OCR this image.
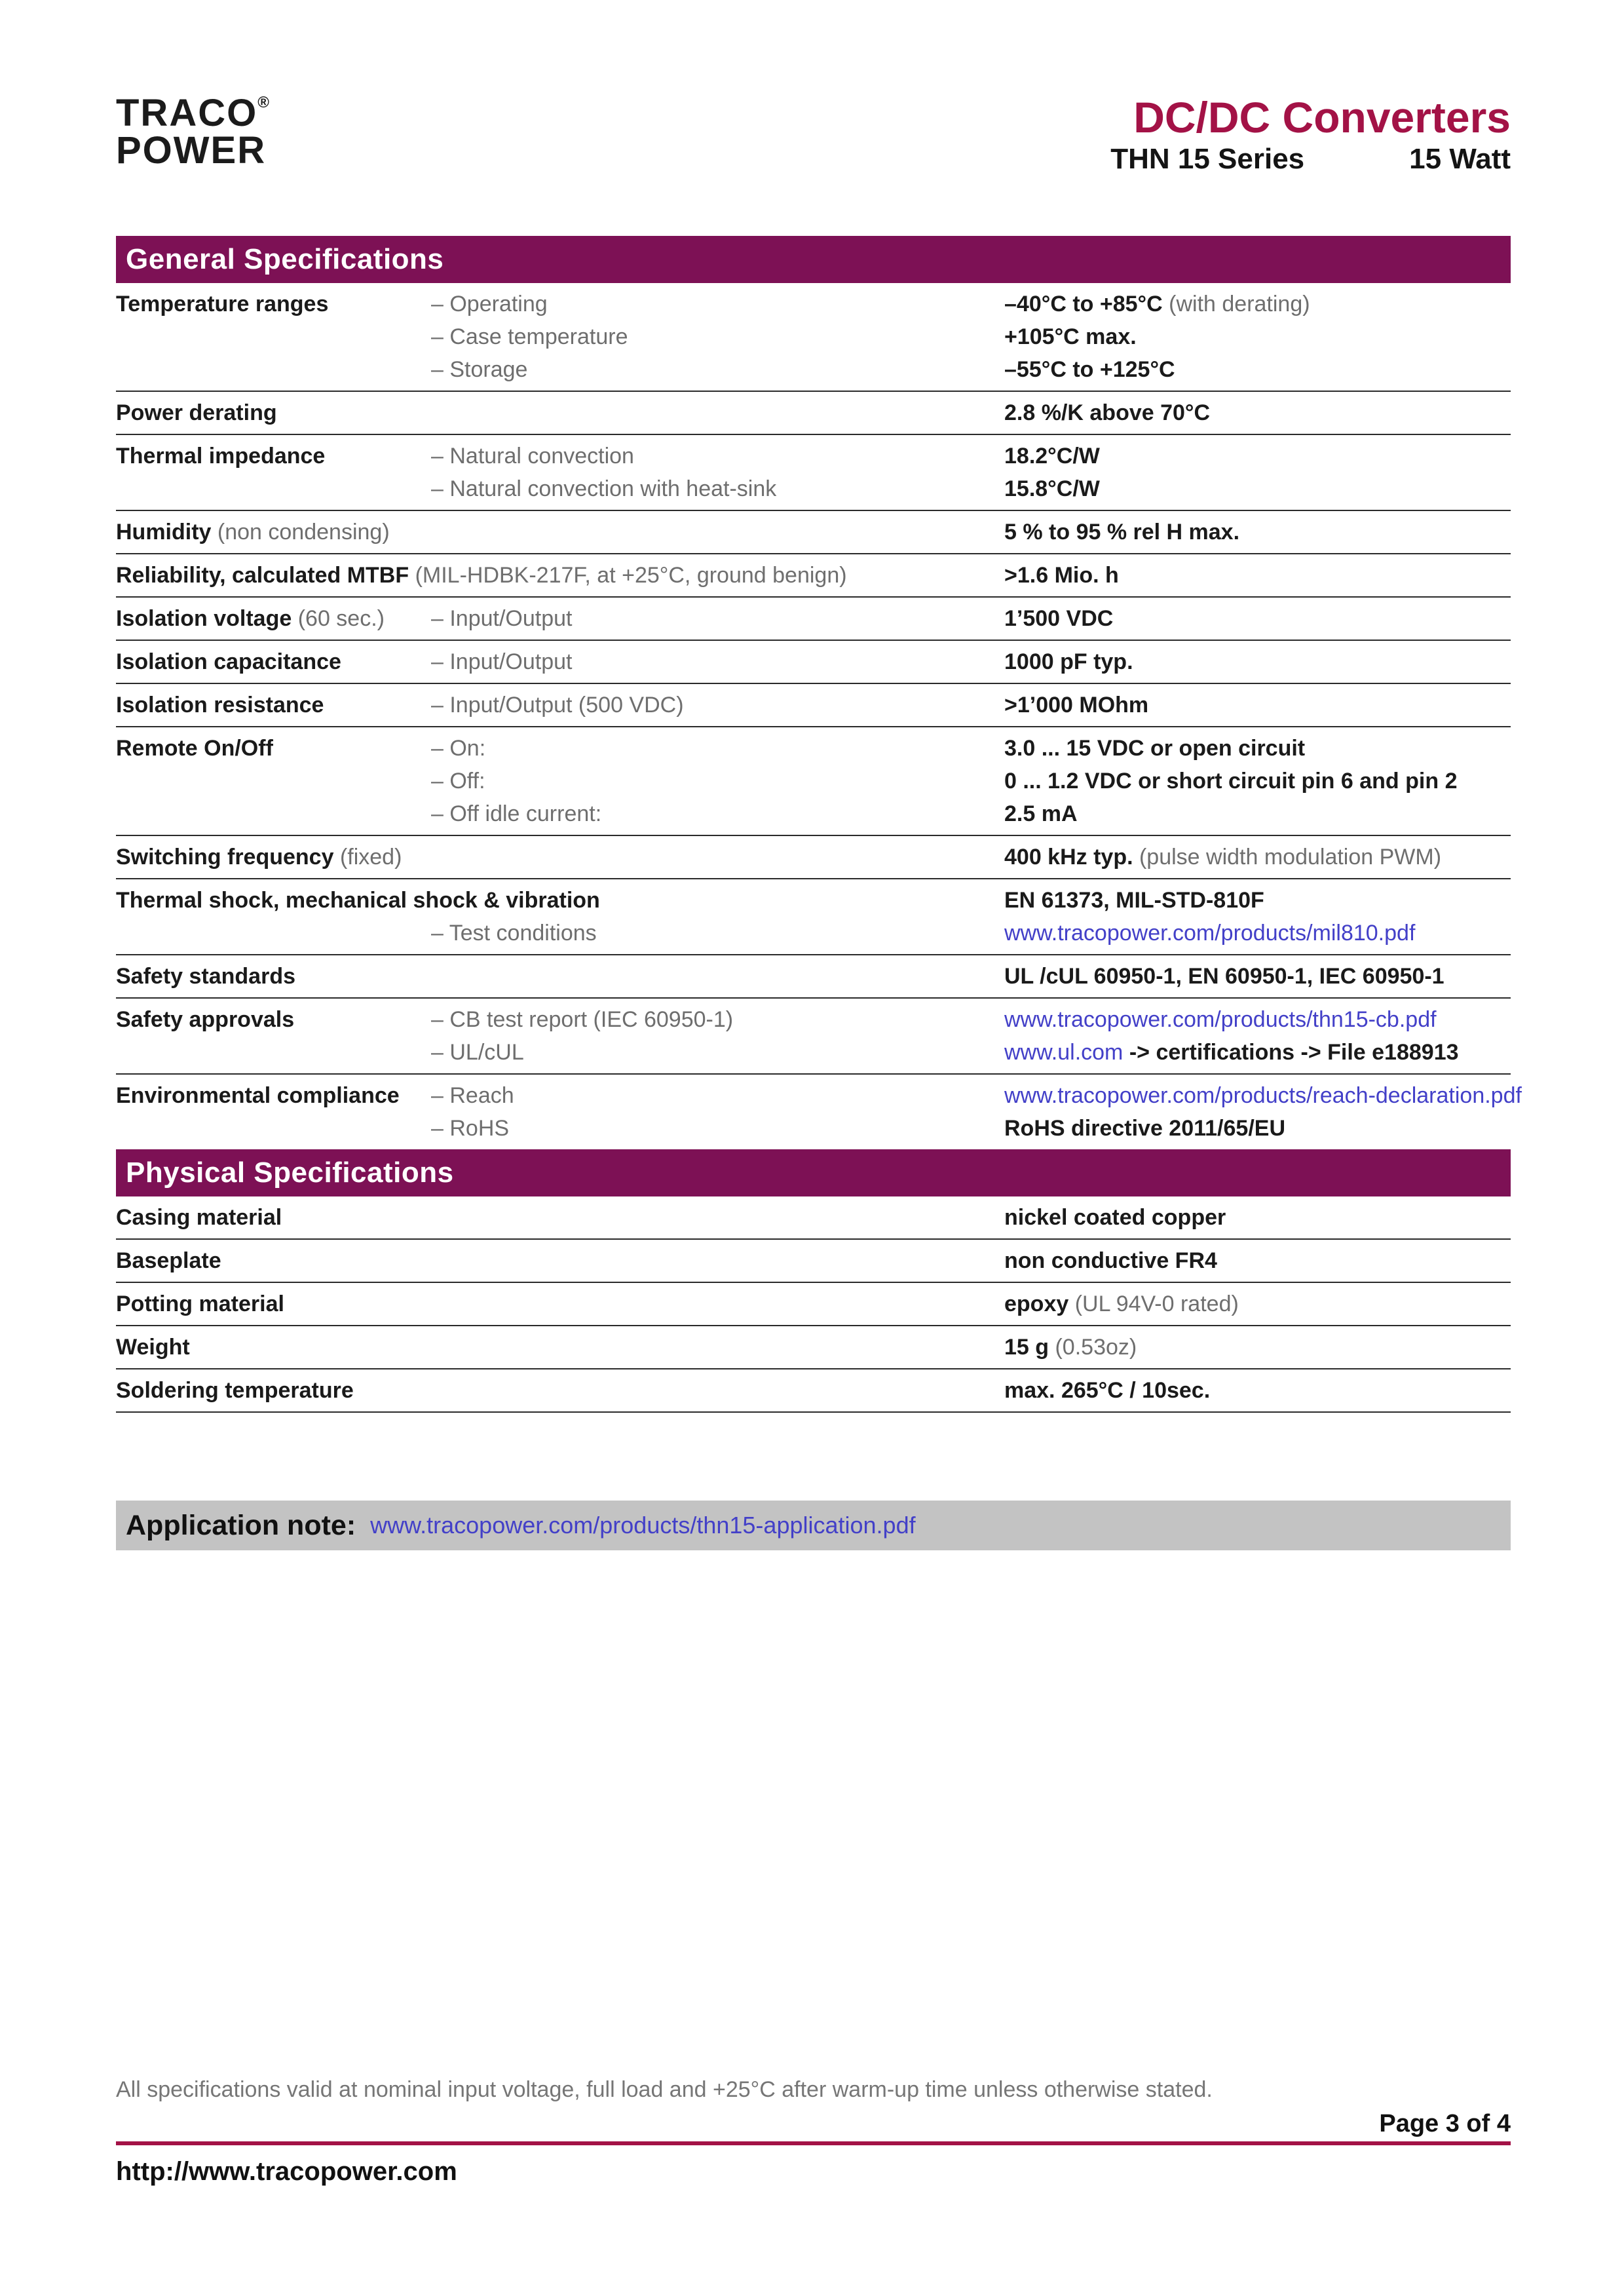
TRACO®
POWER
DC/DC Converters
THN 15 Series	15 Watt
General Specifications
Temperature ranges	– Operating	–40°C to +85°C (with derating)
– Case temperature	+105°C max.
– Storage	–55°C to +125°C
Power derating	2.8 %/K above 70°C
Thermal impedance	– Natural convection	18.2°C/W
– Natural convection with heat-sink	15.8°C/W
Humidity (non condensing)	5 % to 95 % rel H max.
Reliability, calculated MTBF (MIL-HDBK-217F, at +25°C, ground benign)	>1.6 Mio. h
Isolation voltage (60 sec.)	– Input/Output	1’500 VDC
Isolation capacitance	– Input/Output	1000 pF typ.
Isolation resistance	– Input/Output (500 VDC)	>1’000 MOhm
Remote On/Off	– On:	3.0 ... 15 VDC or open circuit
– Off:	0 ... 1.2 VDC or short circuit pin 6 and pin 2
– Off idle current:	2.5 mA
Switching frequency (fixed)	400 kHz typ. (pulse width modulation PWM)
Thermal shock, mechanical shock & vibration	EN 61373, MIL-STD-810F
– Test conditions	www.tracopower.com/products/mil810.pdf
Safety standards	UL /cUL 60950-1, EN 60950-1, IEC 60950-1
Safety approvals	– CB test report (IEC 60950-1)	www.tracopower.com/products/thn15-cb.pdf
– UL/cUL	www.ul.com -> certifications -> File e188913
Environmental compliance	– Reach	www.tracopower.com/products/reach-declaration.pdf
– RoHS	RoHS directive 2011/65/EU
Physical Specifications
Casing material	nickel coated copper
Baseplate	non conductive FR4
Potting material	epoxy (UL 94V-0 rated)
Weight	15 g (0.53oz)
Soldering temperature	max. 265°C / 10sec.
Application note: www.tracopower.com/products/thn15-application.pdf
All specifications valid at nominal input voltage, full load and +25°C after warm-up time unless otherwise stated.
Page 3 of 4
http://www.tracopower.com
